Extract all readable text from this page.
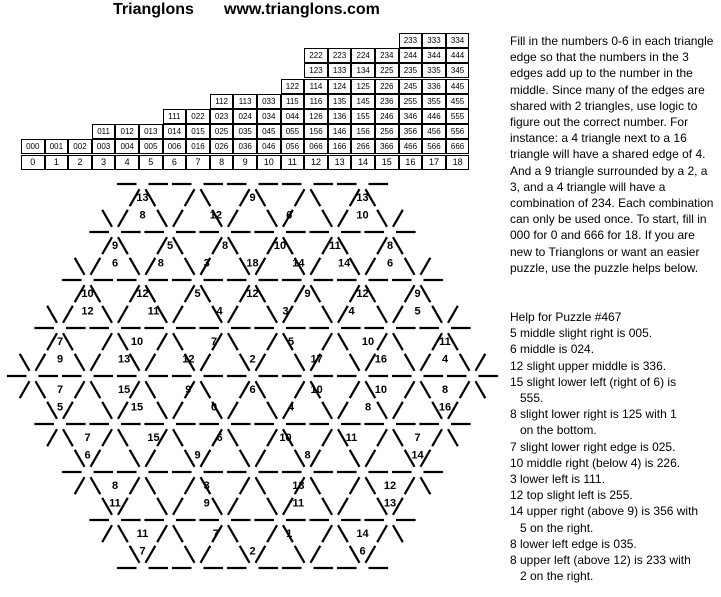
Trianglons www.trianglons.com
233	333	334
222	223	224	234	244	344	444
123	133	134	225	235	335	345
122	114	124	125	226	245	336	445
112	113	033	115	116	135	145	236	255	355	455
111	022	023	024	034	044	126	136	155	246	346	446	555
011	012	013	014	015	025	035	045	055	156	146	156	256	356	456	556
000	001	002	003	004	005	006	016	026	036	046	056	066	166	266	366	466	566	666
0	1	2	3	4	5	6	7	8	9	10	11	12	13	14	15	16	17	18
13	9	13
8	12	6	10
9	5	8	10	11	8
6	8	3	18	14	14	6
10	12	5	12	9	12	9
12	11	4	3	4	5
7	10	7	5	10	11
9	13	12	2	17	16	4
7	15	9	6	10	10	8
5	15	0	4	8	16
7	15	6	10	11	7
6	9	8	14
8	3	13	12
11	9	11	13
11	7	1	14
7	2	6
Fill in the numbers 0-6 in each triangle edge so that the numbers in the 3 edges add up to the number in the middle. Since many of the edges are shared with 2 triangles, use logic to figure out the correct number. For instance: a 4 triangle next to a 16 triangle will have a shared edge of 4. And a 9 triangle surrounded by a 2, a 3, and a 4 triangle will have a combination of 234. Each combination can only be used once. To start, fill in 000 for 0 and 666 for 18. If you are new to Trianglons or want an easier puzzle, use the puzzle helps below.
Help for Puzzle #467
5 middle slight right is 005.
6 middle is 024.
12 slight upper middle is 336.
15 slight lower left (right of 6) is
555.
8 slight lower right is 125 with 1
on the bottom.
7 slight lower right edge is 025.
10 middle right (below 4) is 226.
3 lower left is 111.
12 top slight left is 255.
14 upper right (above 9) is 356 with
5 on the right.
8 lower left edge is 035.
8 upper left (above 12) is 233 with
2 on the right.
